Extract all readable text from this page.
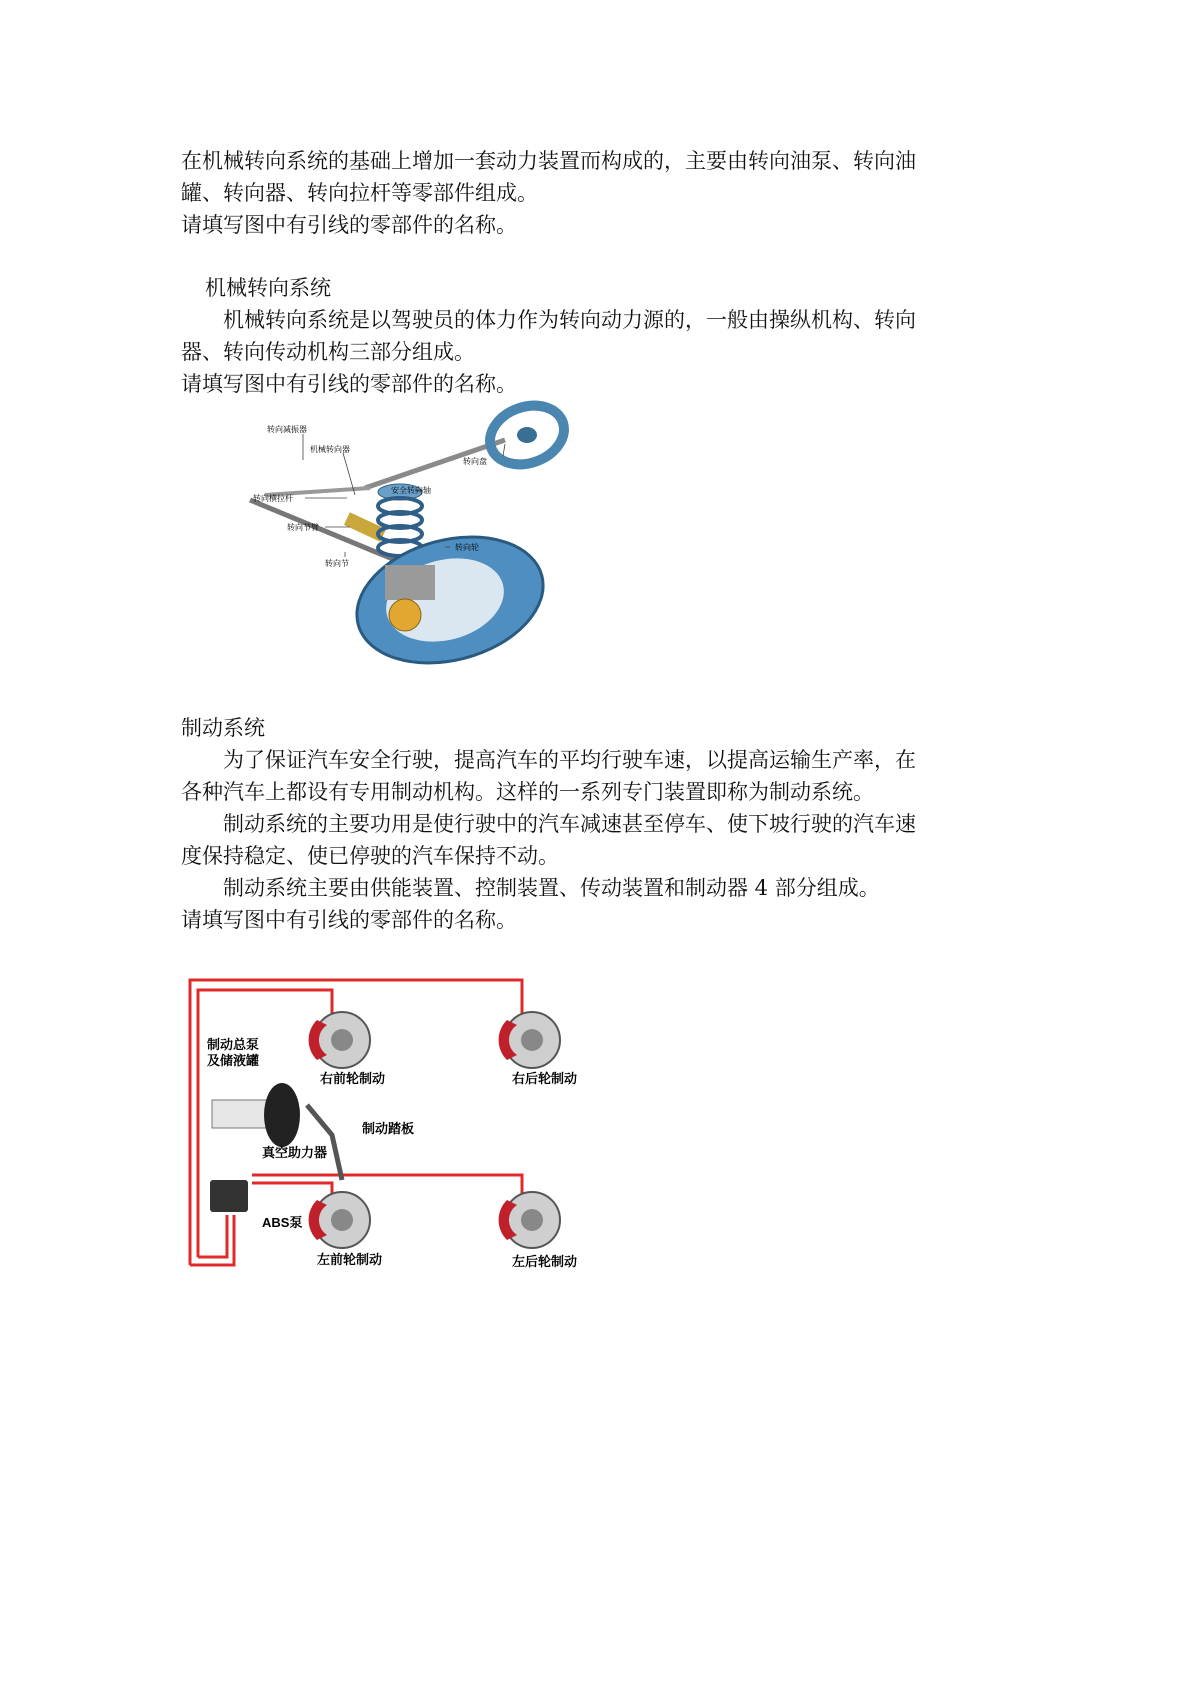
在机械转向系统的基础上增加一套动力装置而构成的，主要由转向油泵、转向油

罐、转向器、转向拉杆等零部件组成。

请填写图中有引线的零部件的名称。

机械转向系统

机械转向系统是以驾驶员的体力作为转向动力源的，一般由操纵机构、转向

器、转向传动机构三部分组成。

请填写图中有引线的零部件的名称。

转向减振器
机械转向器
转向盘
安全转向轴
转向横拉杆
转向节臂
转向轮
转向节

制动系统

为了保证汽车安全行驶，提高汽车的平均行驶车速，以提高运输生产率，在

各种汽车上都设有专用制动机构。这样的一系列专门装置即称为制动系统。

制动系统的主要功用是使行驶中的汽车减速甚至停车、使下坡行驶的汽车速

度保持稳定、使已停驶的汽车保持不动。

制动系统主要由供能装置、控制装置、传动装置和制动器 4 部分组成。

请填写图中有引线的零部件的名称。

制动总泵
及储液罐
右前轮制动	右后轮制动
制动踏板
真空助力器
ABS泵
左前轮制动	左后轮制动
